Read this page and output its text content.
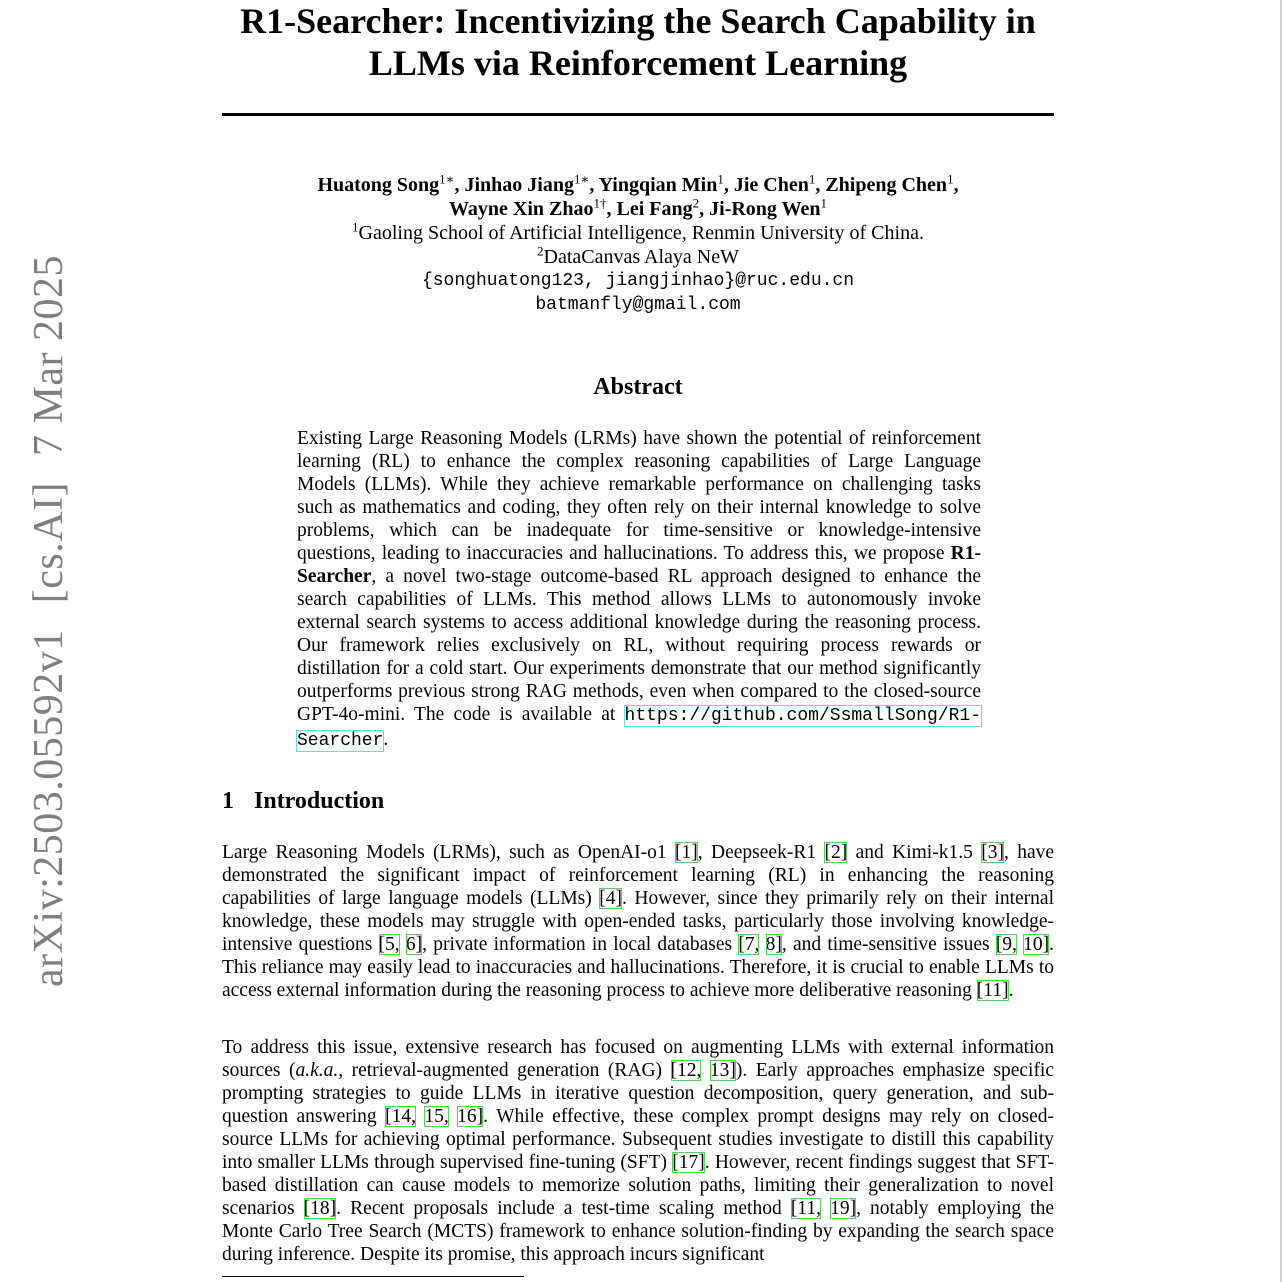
arXiv:2503.05592v1[cs.AI]7 Mar 2025
R1-Searcher: Incentivizing the Search Capability in
LLMs via Reinforcement Learning
Huatong Song$^{1∗}$, Jinhao Jiang$^{1∗}$, Yingqian Min$^1$, Jie Chen$^1$, Zhipeng Chen$^1$,
Wayne Xin Zhao$^{1\dagger}$, Lei Fang$^2$, Ji-Rong Wen$^1$
$^1$Gaoling School of Artificial Intelligence, Renmin University of China.
$^2$DataCanvas Alaya NeW
{songhuatong123, jiangjinhao}@ruc.edu.cn
batmanfly@gmail.com
Abstract
Existing Large Reasoning Models (LRMs) have shown the potential of reinforcement learning (RL) to enhance the complex reasoning capabilities of Large Language Models (LLMs). While they achieve remarkable performance on challenging tasks such as mathematics and coding, they often rely on their internal knowledge to solve problems, which can be inadequate for time-sensitive or knowledge-intensive questions, leading to inaccuracies and hallucinations. To address this, we propose R1-Searcher, a novel two-stage outcome-based RL approach designed to enhance the search capabilities of LLMs. This method allows LLMs to autonomously invoke external search systems to access additional knowledge during the reasoning process. Our framework relies exclusively on RL, without requiring process rewards or distillation for a cold start. Our experiments demonstrate that our method significantly outperforms previous strong RAG methods, even when compared to the closed-source GPT-4o-mini. The code is available at https://github.com/SsmallSong/R1-Searcher.
1 Introduction
Large Reasoning Models (LRMs), such as OpenAI-o1 [1], Deepseek-R1 [2] and Kimi-k1.5 [3], have demonstrated the significant impact of reinforcement learning (RL) in enhancing the reasoning capabilities of large language models (LLMs) [4]. However, since they primarily rely on their internal knowledge, these models may struggle with open-ended tasks, particularly those involving knowledge-intensive questions [5, 6], private information in local databases [7, 8], and time-sensitive issues [9, 10]. This reliance may easily lead to inaccuracies and hallucinations. Therefore, it is crucial to enable LLMs to access external information during the reasoning process to achieve more deliberative reasoning [11].
To address this issue, extensive research has focused on augmenting LLMs with external information sources (a.k.a., retrieval-augmented generation (RAG) [12, 13]). Early approaches emphasize specific prompting strategies to guide LLMs in iterative question decomposition, query generation, and sub-question answering [14, 15, 16]. While effective, these complex prompt designs may rely on closed-source LLMs for achieving optimal performance. Subsequent studies investigate to distill this capability into smaller LLMs through supervised fine-tuning (SFT) [17]. However, recent findings suggest that SFT-based distillation can cause models to memorize solution paths, limiting their generalization to novel scenarios [18]. Recent proposals include a test-time scaling method [11, 19], notably employing the Monte Carlo Tree Search (MCTS) framework to enhance solution-finding by expanding the search space during inference. Despite its promise, this approach incurs significant
